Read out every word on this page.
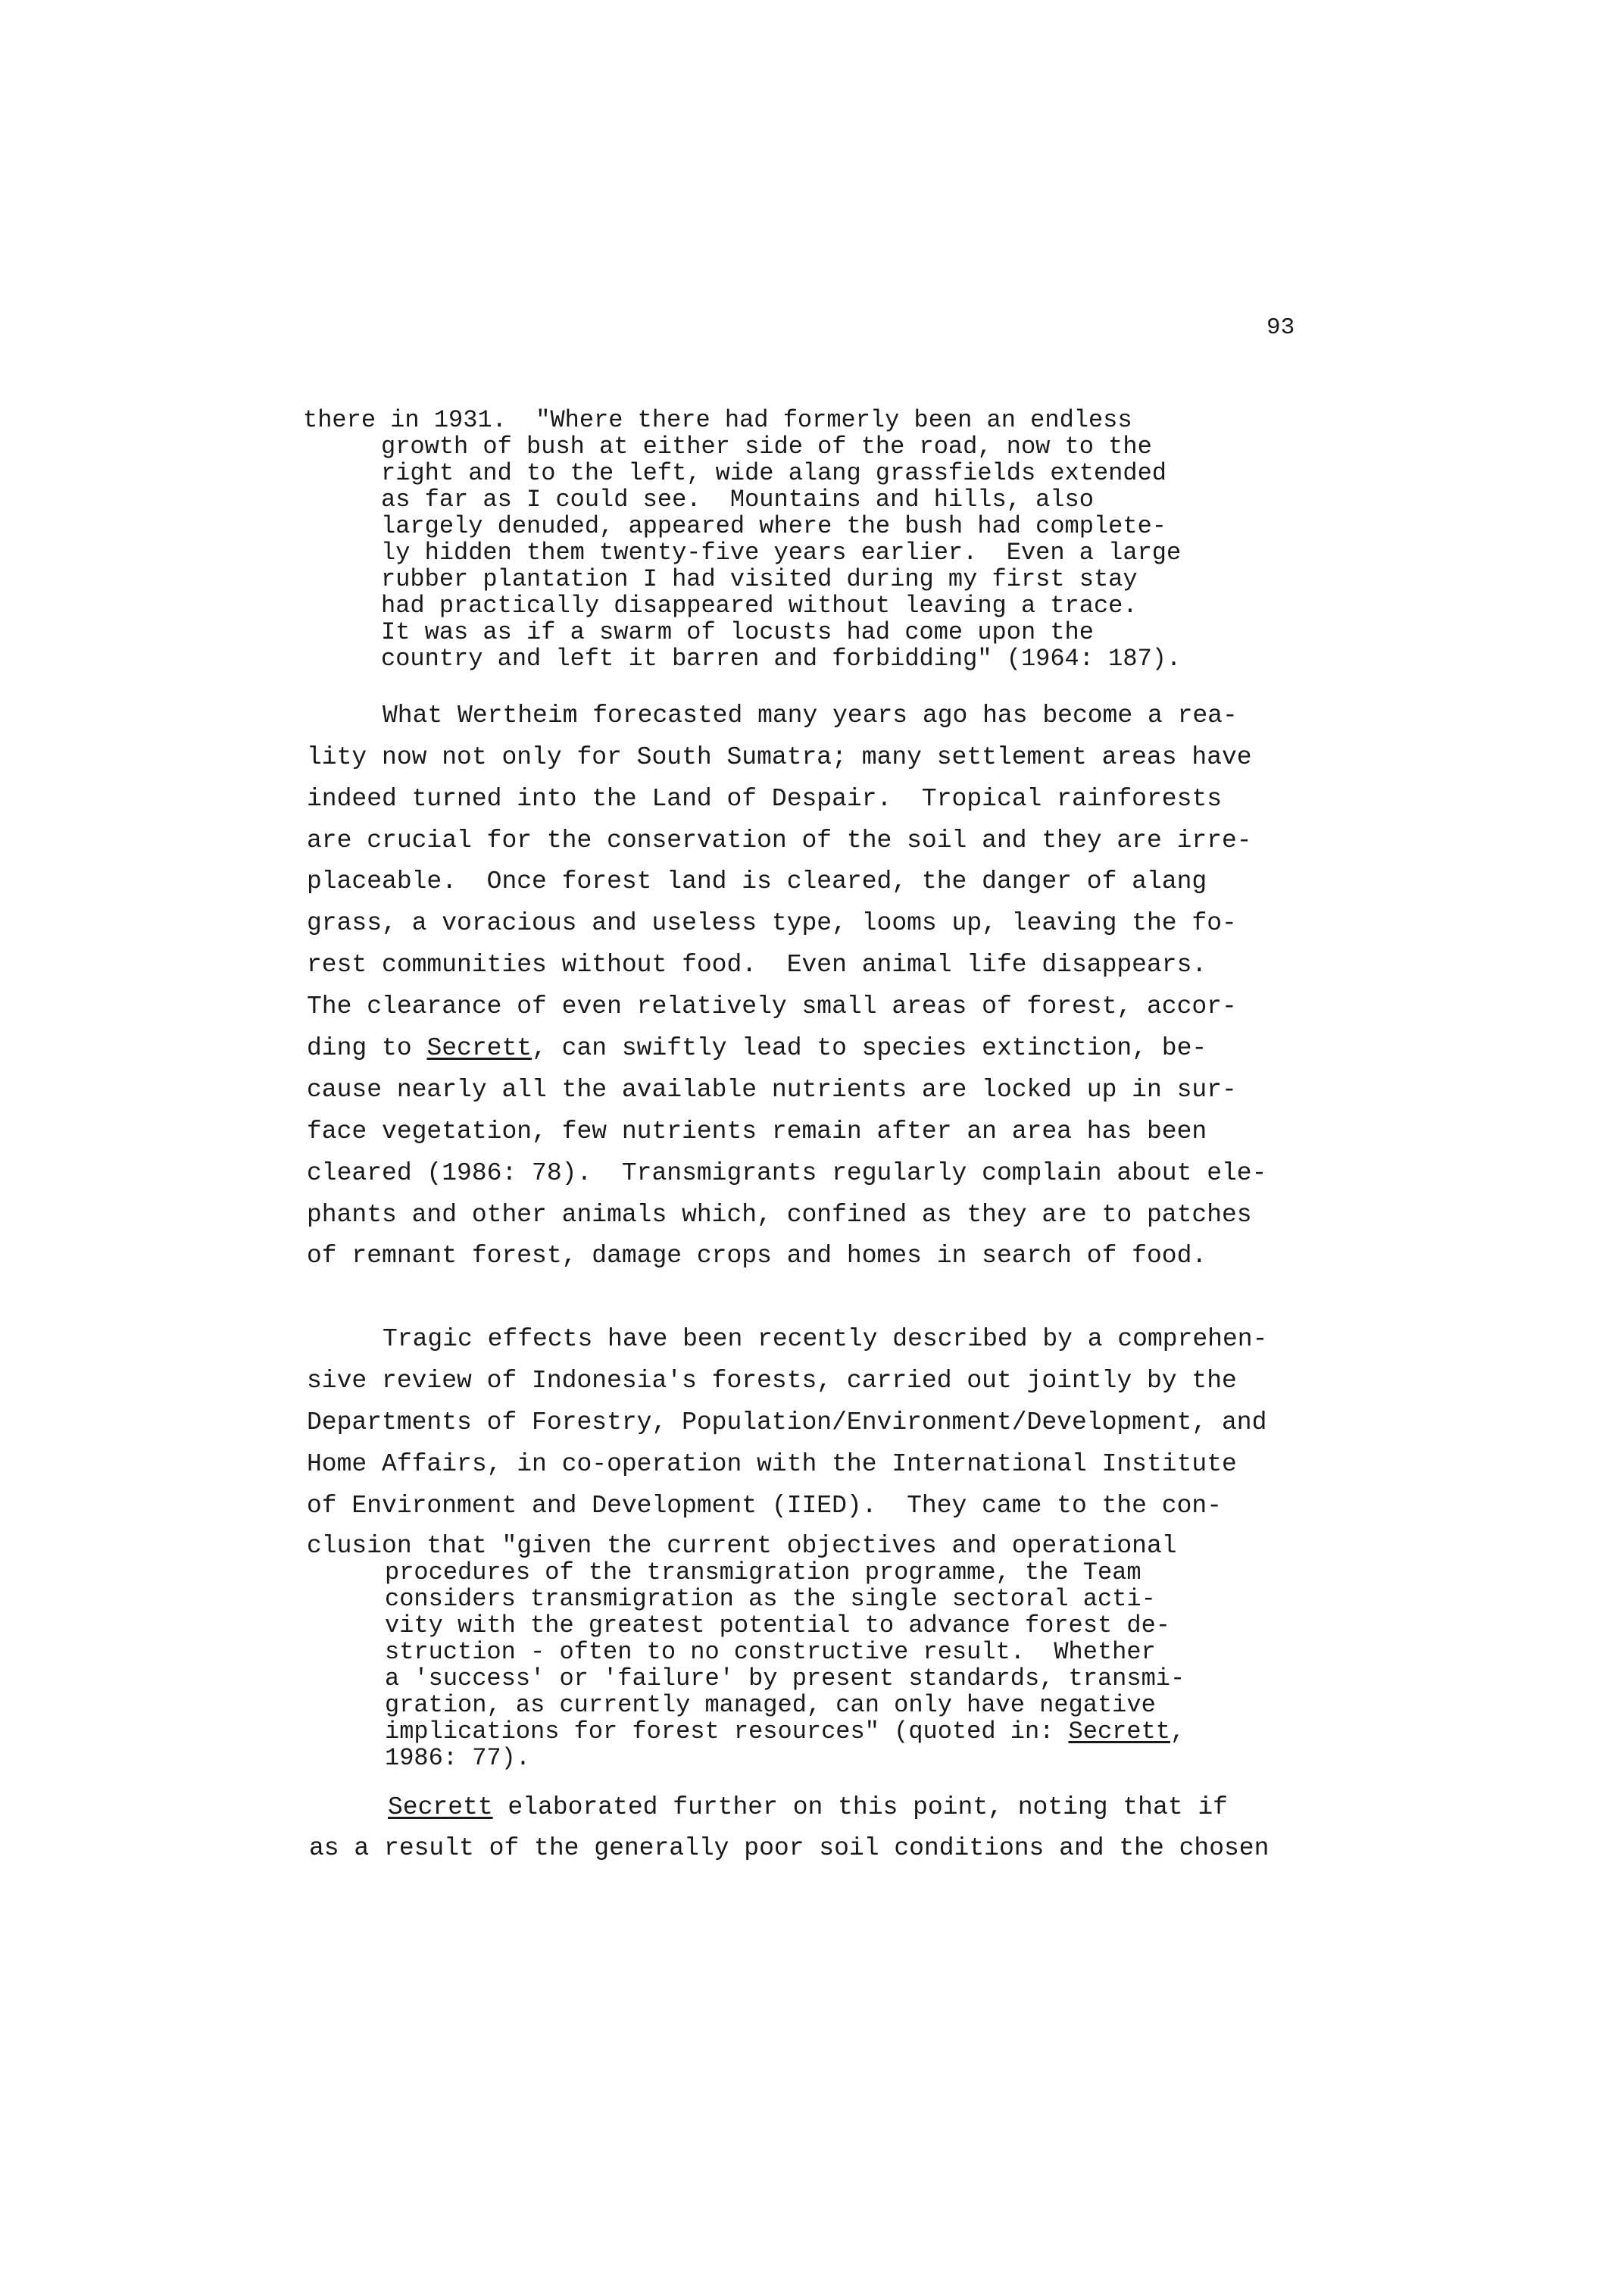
93
there in 1931.  "Where there had formerly been an endless
growth of bush at either side of the road, now to the
right and to the left, wide alang grassfields extended
as far as I could see.  Mountains and hills, also
largely denuded, appeared where the bush had complete-
ly hidden them twenty-five years earlier.  Even a large
rubber plantation I had visited during my first stay
had practically disappeared without leaving a trace.
It was as if a swarm of locusts had come upon the
country and left it barren and forbidding" (1964: 187).
What Wertheim forecasted many years ago has become a rea-
lity now not only for South Sumatra; many settlement areas have
indeed turned into the Land of Despair.  Tropical rainforests
are crucial for the conservation of the soil and they are irre-
placeable.  Once forest land is cleared, the danger of alang
grass, a voracious and useless type, looms up, leaving the fo-
rest communities without food.  Even animal life disappears.
The clearance of even relatively small areas of forest, accor-
ding to Secrett, can swiftly lead to species extinction, be-
cause nearly all the available nutrients are locked up in sur-
face vegetation, few nutrients remain after an area has been
cleared (1986: 78).  Transmigrants regularly complain about ele-
phants and other animals which, confined as they are to patches
of remnant forest, damage crops and homes in search of food.
Tragic effects have been recently described by a comprehen-
sive review of Indonesia's forests, carried out jointly by the
Departments of Forestry, Population/Environment/Development, and
Home Affairs, in co-operation with the International Institute
of Environment and Development (IIED).  They came to the con-
clusion that "given the current objectives and operational
procedures of the transmigration programme, the Team
considers transmigration as the single sectoral acti-
vity with the greatest potential to advance forest de-
struction - often to no constructive result.  Whether
a 'success' or 'failure' by present standards, transmi-
gration, as currently managed, can only have negative
implications for forest resources" (quoted in: Secrett,
1986: 77).
Secrett elaborated further on this point, noting that if
as a result of the generally poor soil conditions and the chosen
